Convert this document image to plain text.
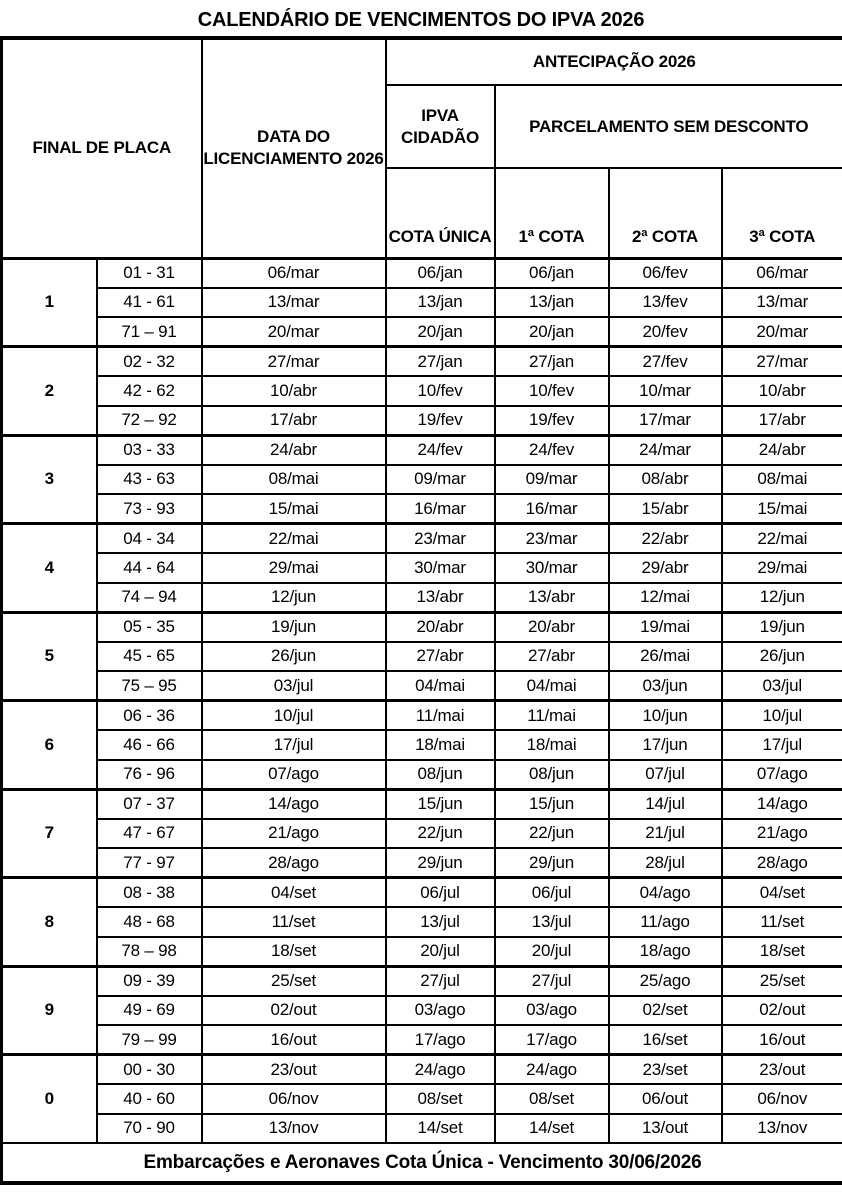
CALENDÁRIO DE VENCIMENTOS DO IPVA 2026
FINAL DE PLACA		DATA DO LICENCIAMENTO 2026	ANTECIPAÇÃO 2026			
			IPVA CIDADÃO	PARCELAMENTO SEM DESCONTO		
			COTA ÚNICA	1ª COTA	2ª COTA	3ª COTA
1	01 - 31	06/mar	06/jan	06/jan	06/fev	06/mar
	41 - 61	13/mar	13/jan	13/jan	13/fev	13/mar
	71 – 91	20/mar	20/jan	20/jan	20/fev	20/mar
2	02 - 32	27/mar	27/jan	27/jan	27/fev	27/mar
	42 - 62	10/abr	10/fev	10/fev	10/mar	10/abr
	72 – 92	17/abr	19/fev	19/fev	17/mar	17/abr
3	03 - 33	24/abr	24/fev	24/fev	24/mar	24/abr
	43 - 63	08/mai	09/mar	09/mar	08/abr	08/mai
	73 - 93	15/mai	16/mar	16/mar	15/abr	15/mai
4	04 - 34	22/mai	23/mar	23/mar	22/abr	22/mai
	44 - 64	29/mai	30/mar	30/mar	29/abr	29/mai
	74 – 94	12/jun	13/abr	13/abr	12/mai	12/jun
5	05 - 35	19/jun	20/abr	20/abr	19/mai	19/jun
	45 - 65	26/jun	27/abr	27/abr	26/mai	26/jun
	75 – 95	03/jul	04/mai	04/mai	03/jun	03/jul
6	06 - 36	10/jul	11/mai	11/mai	10/jun	10/jul
	46 - 66	17/jul	18/mai	18/mai	17/jun	17/jul
	76 - 96	07/ago	08/jun	08/jun	07/jul	07/ago
7	07 - 37	14/ago	15/jun	15/jun	14/jul	14/ago
	47 - 67	21/ago	22/jun	22/jun	21/jul	21/ago
	77 - 97	28/ago	29/jun	29/jun	28/jul	28/ago
8	08 - 38	04/set	06/jul	06/jul	04/ago	04/set
	48 - 68	11/set	13/jul	13/jul	11/ago	11/set
	78 – 98	18/set	20/jul	20/jul	18/ago	18/set
9	09 - 39	25/set	27/jul	27/jul	25/ago	25/set
	49 - 69	02/out	03/ago	03/ago	02/set	02/out
	79 – 99	16/out	17/ago	17/ago	16/set	16/out
0	00 - 30	23/out	24/ago	24/ago	23/set	23/out
	40 - 60	06/nov	08/set	08/set	06/out	06/nov
	70 - 90	13/nov	14/set	14/set	13/out	13/nov
Embarcações e Aeronaves Cota Única - Vencimento 30/06/2026						
